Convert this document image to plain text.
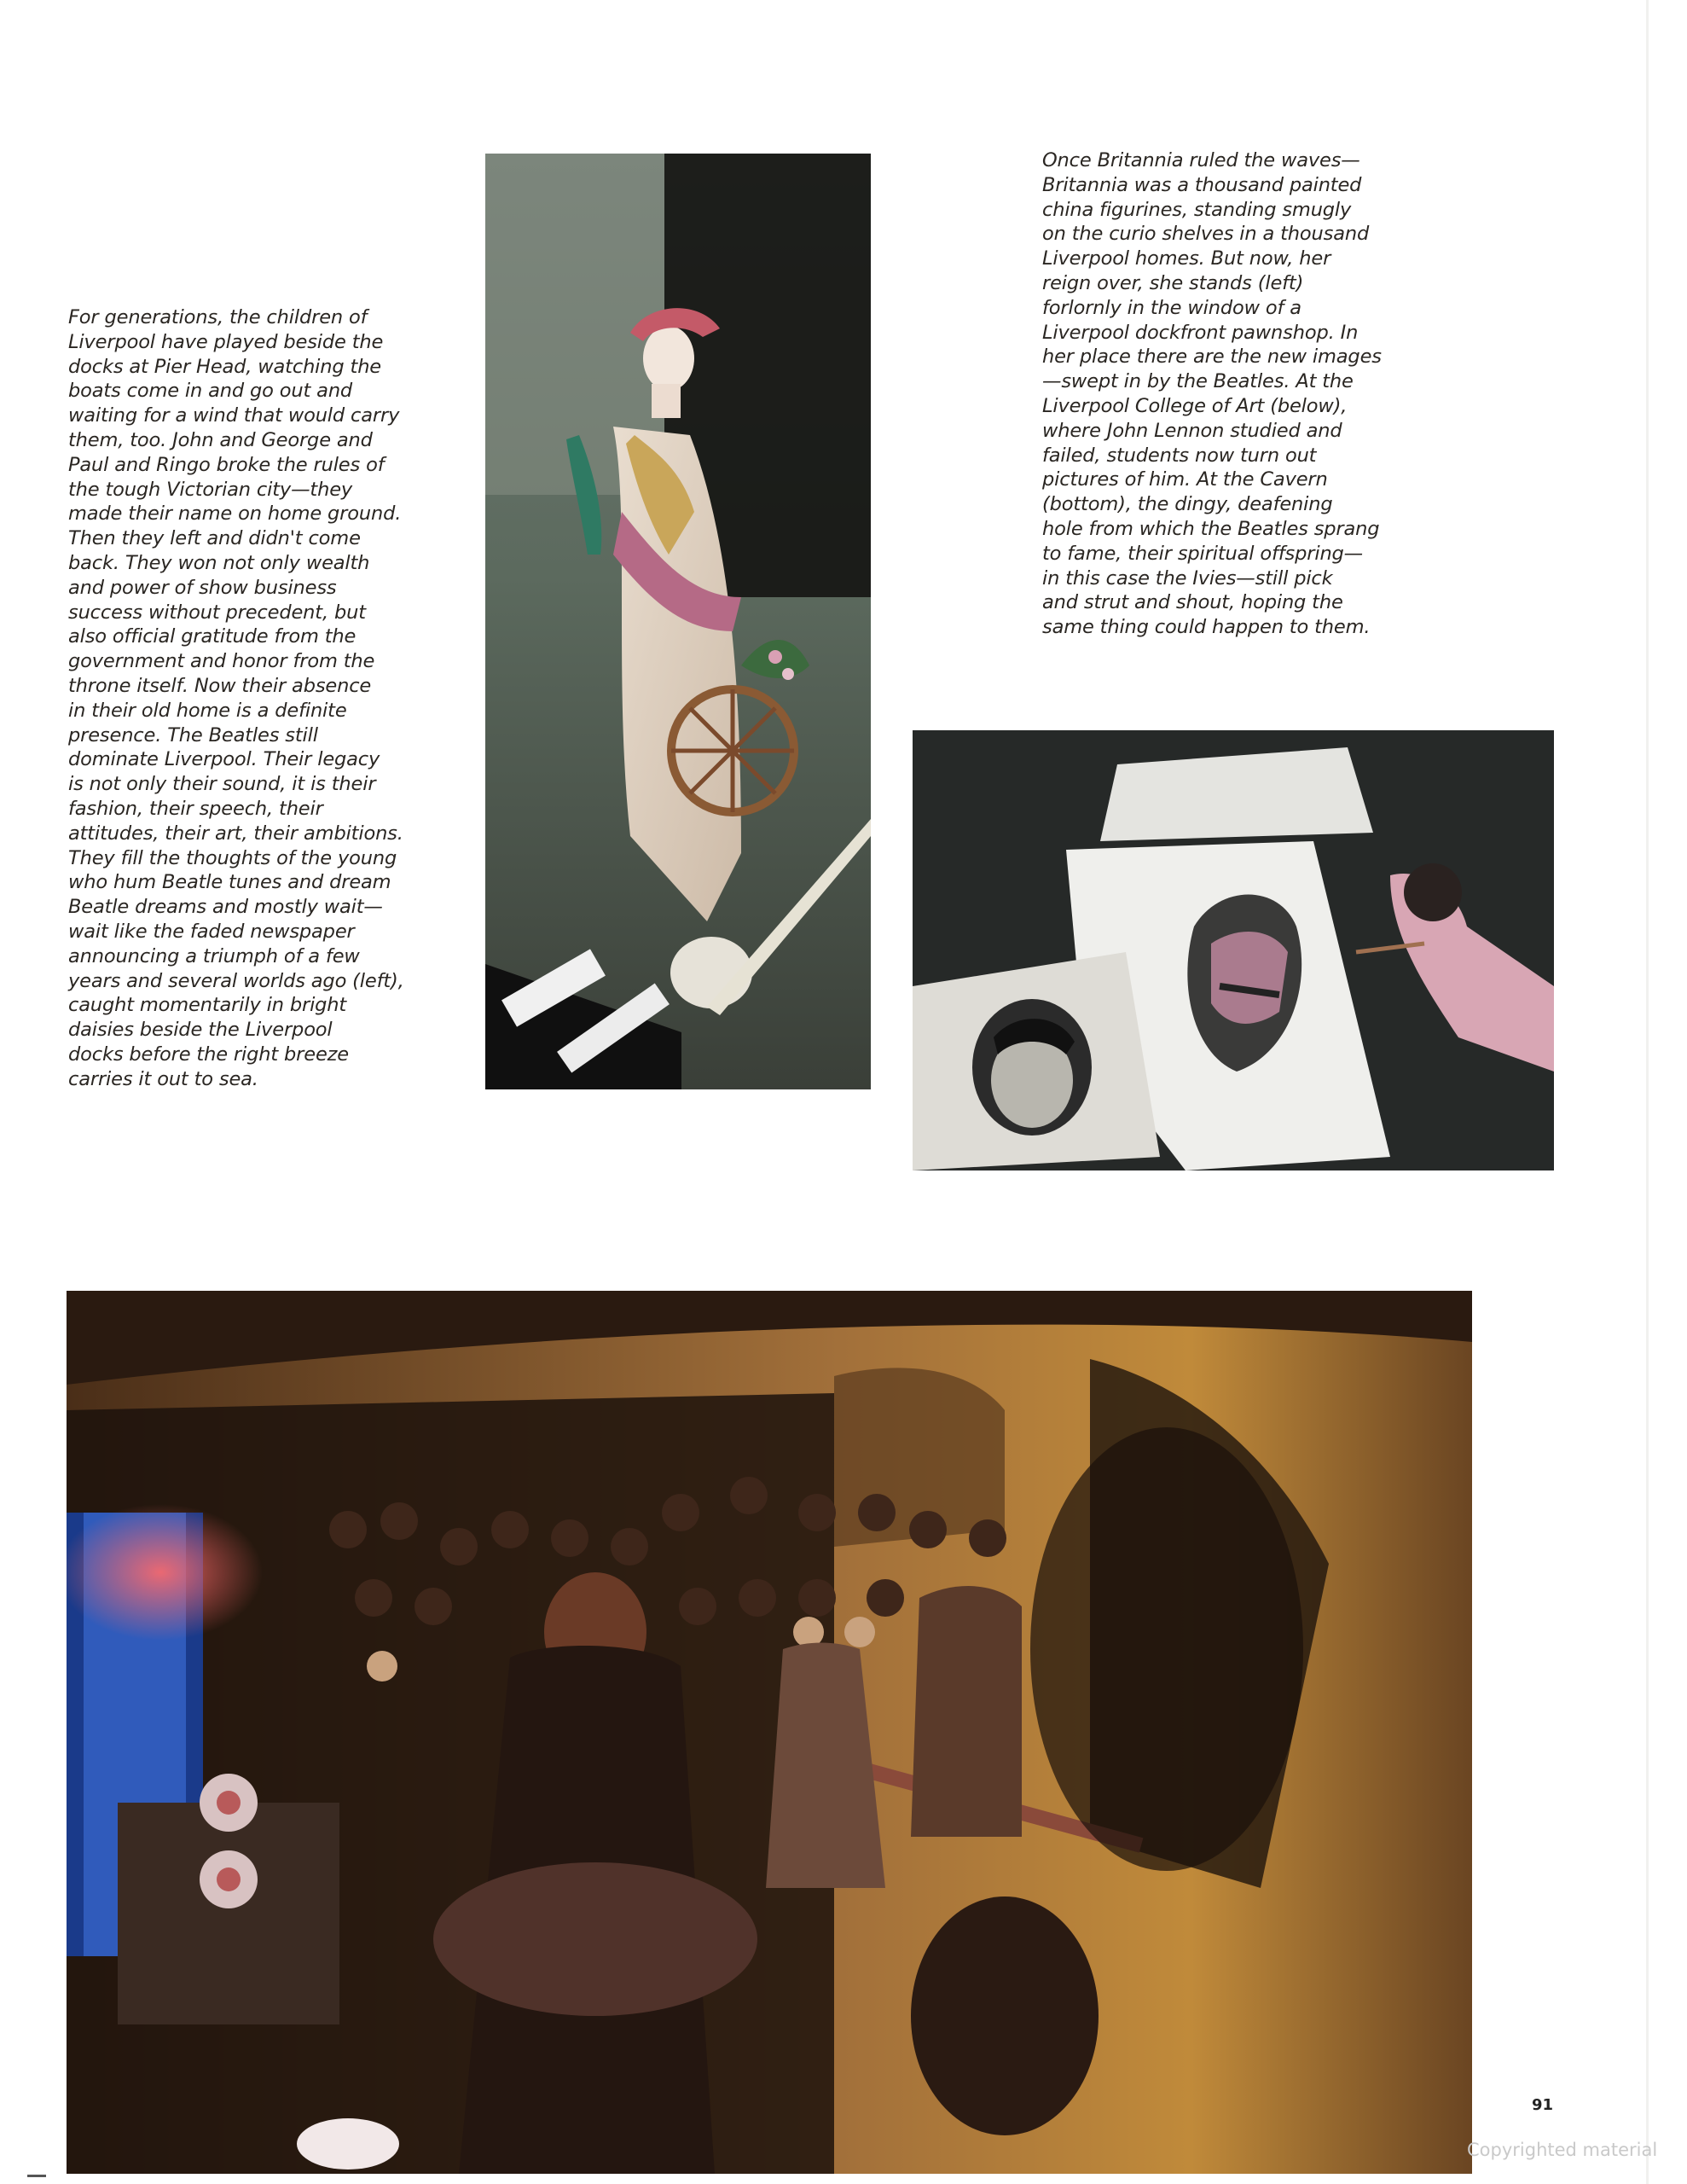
For generations, the children of
Liverpool have played beside the
docks at Pier Head, watching the
boats come in and go out and
waiting for a wind that would carry
them, too. John and George and
Paul and Ringo broke the rules of
the tough Victorian city—they
made their name on home ground.
Then they left and didn't come
back. They won not only wealth
and power of show business
success without precedent, but
also official gratitude from the
government and honor from the
throne itself. Now their absence
in their old home is a definite
presence. The Beatles still
dominate Liverpool. Their legacy
is not only their sound, it is their
fashion, their speech, their
attitudes, their art, their ambitions.
They fill the thoughts of the young
who hum Beatle tunes and dream
Beatle dreams and mostly wait—
wait like the faded newspaper
announcing a triumph of a few
years and several worlds ago (left),
caught momentarily in bright
daisies beside the Liverpool
docks before the right breeze
carries it out to sea.

Once Britannia ruled the waves—
Britannia was a thousand painted
china figurines, standing smugly
on the curio shelves in a thousand
Liverpool homes. But now, her
reign over, she stands (left)
forlornly in the window of a
Liverpool dockfront pawnshop. In
her place there are the new images
—swept in by the Beatles. At the
Liverpool College of Art (below),
where John Lennon studied and
failed, students now turn out
pictures of him. At the Cavern
(bottom), the dingy, deafening
hole from which the Beatles sprang
to fame, their spiritual offspring—
in this case the Ivies—still pick
and strut and shout, hoping the
same thing could happen to them.

91
Copyrighted material
